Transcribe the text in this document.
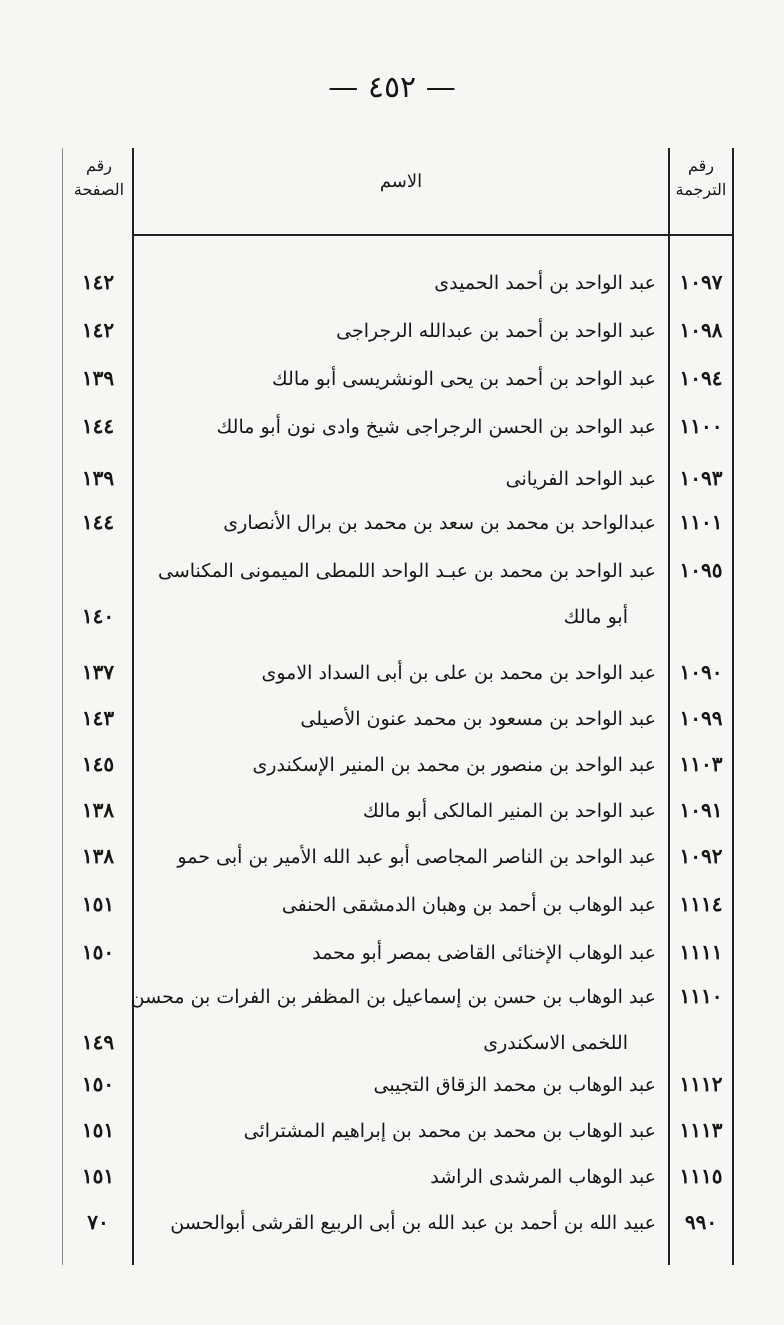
— ٤٥٢ —
رقم
الصفحة	الاسم
رقم
الترجمة
١٠٩٧
عبد الواحد بن أحمد الحميدى
١٤٢
١٠٩٨
عبد الواحد بن أحمد بن عبدالله الرجراجى
١٤٢
١٠٩٤
عبد الواحد بن أحمد بن يحى الونشريسى أبو مالك
١٣٩
١١٠٠
عبد الواحد بن الحسن الرجراجى شيخ وادى نون أبو مالك
١٤٤
١٠٩٣
عبد الواحد الفريانى
١٣٩
١١٠١
عبدالواحد بن محمد بن سعد بن محمد بن برال الأنصارى
١٤٤
١٠٩٥
عبد الواحد بن محمد بن عبـد الواحد اللمطى الميمونى المكناسى
أبو مالك
١٤٠
١٠٩٠
عبد الواحد بن محمد بن على بن أبى السداد الاموى
١٣٧
١٠٩٩
عبد الواحد بن مسعود بن محمد عنون الأصيلى
١٤٣
١١٠٣
عبد الواحد بن منصور بن محمد بن المنير الإسكندرى
١٤٥
١٠٩١
عبد الواحد بن المنير المالكى أبو مالك
١٣٨
١٠٩٢
عبد الواحد بن الناصر المجاصى أبو عبد الله الأمير بن أبى حمو
١٣٨
١١١٤
عبد الوهاب بن أحمد بن وهبان الدمشقى الحنفى
١٥١
١١١١
عبد الوهاب الإخنائى القاضى بمصر أبو محمد
١٥٠
١١١٠
عبد الوهاب بن حسن بن إسماعيل بن المظفر بن الفرات بن محسن
اللخمى الاسكندرى
١٤٩
١١١٢
عبد الوهاب بن محمد الزقاق التجيبى
١٥٠
١١١٣
عبد الوهاب بن محمد بن محمد بن إبراهيم المشترائى
١٥١
١١١٥
عبد الوهاب المرشدى الراشد
١٥١
٩٩٠
عبيد الله بن أحمد بن عبد الله بن أبى الربيع القرشى أبوالحسن
٧٠
